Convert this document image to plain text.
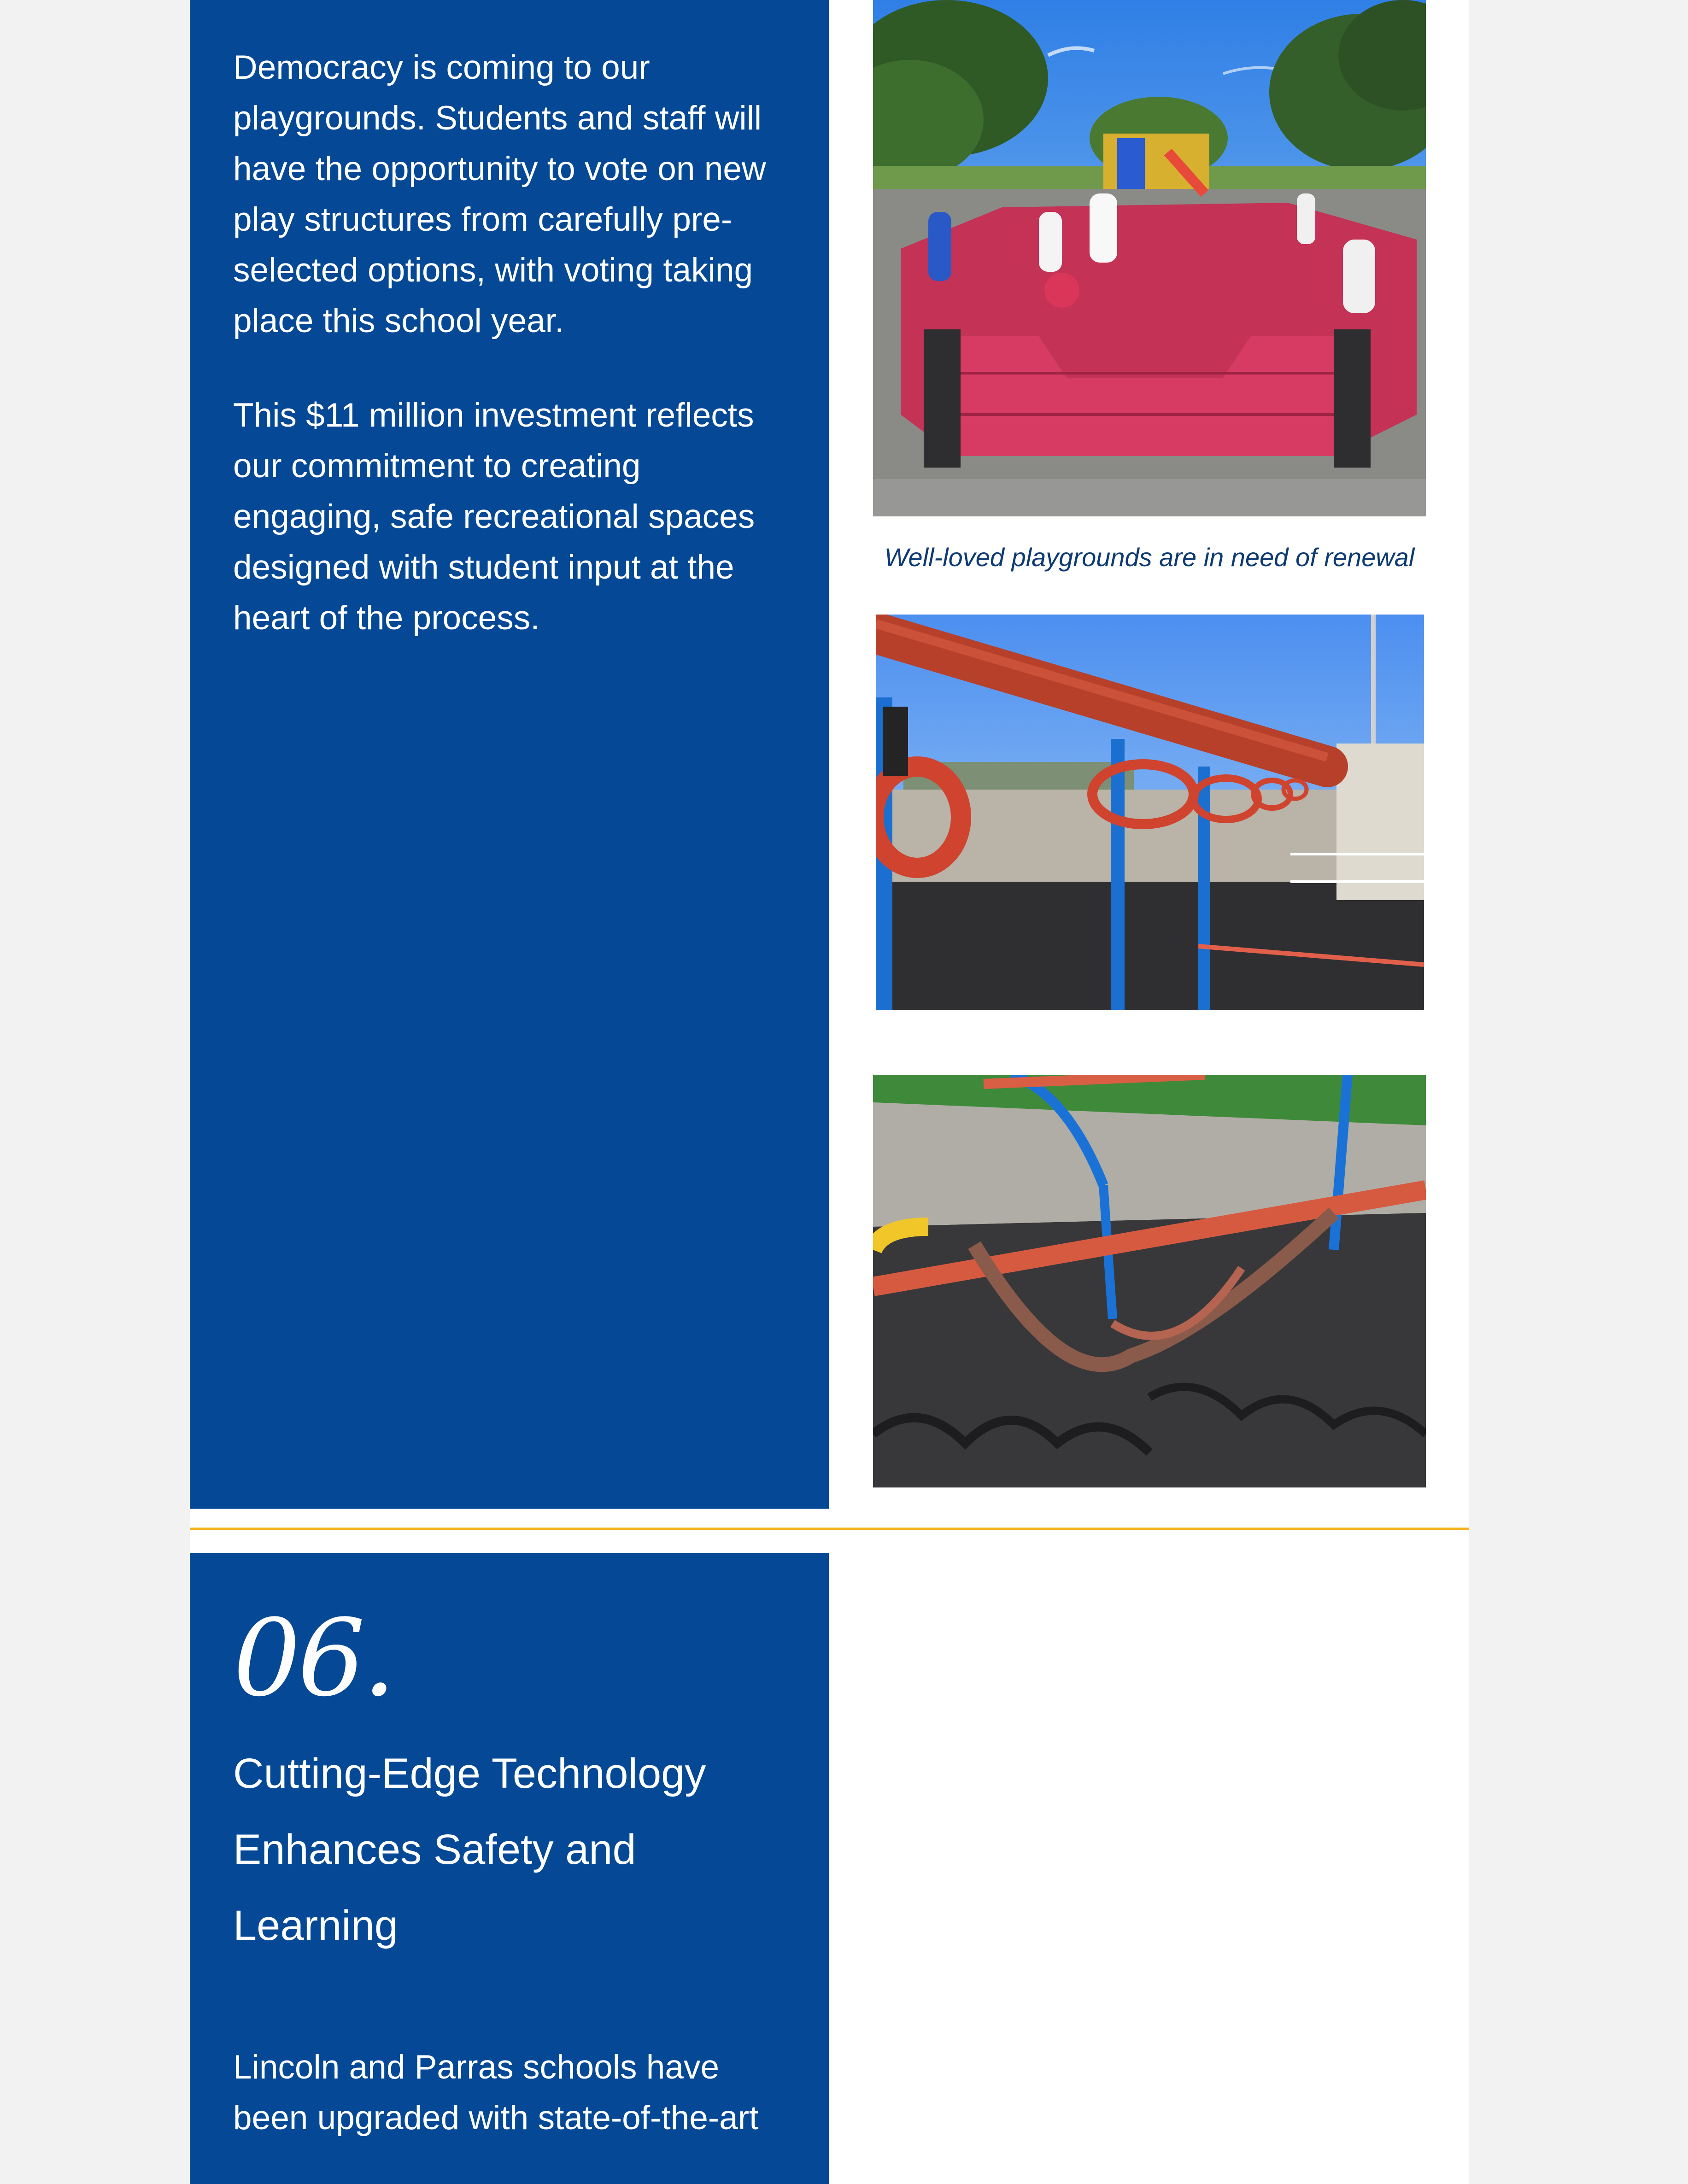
Democracy is coming to our playgrounds. Students and staff will have the opportunity to vote on new play structures from carefully pre-selected options, with voting taking place this school year.

This $11 million investment reflects our commitment to creating engaging, safe recreational spaces designed with student input at the heart of the process.

Well-loved playgrounds are in need of renewal

06.

Cutting-Edge Technology Enhances Safety and Learning

Lincoln and Parras schools have been upgraded with state-of-the-art
